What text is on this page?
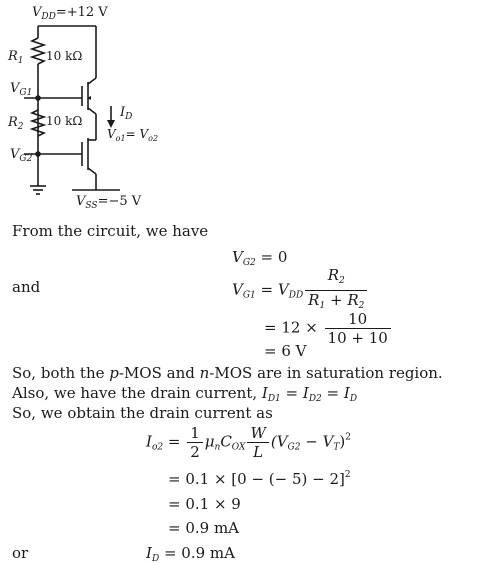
$V_{DD}=+12$ V
$R_1$ 10 kΩ
$V_{G1}$
$R_2$ 10 kΩ
$V_{G2}$
$I_D$
$V_{o1}= V_{o2}$
$V_{SS}=-5$ V
From the circuit, we have
$V_{G2} = 0$
and	$V_{G1} = V_{DD} \frac{R_2}{R_1 + R_2}$
= $12 \times \frac{10}{10 + 10}$
= 6 V
So, both the p-MOS and n-MOS are in saturation region.
Also, we have the drain current, $I_{D1} = I_{D2} = I_D$
So, we obtain the drain current as
$I_{o2} = \frac{1}{2} \mu_nC_{OX} \frac{W}{L} (V_{G2} - V_T)^2$
= 0.1 × [0 − (− 5) − 2]$^2$
= 0.1 × 9
= 0.9 mA
or	$I_D = 0.9$ mA
